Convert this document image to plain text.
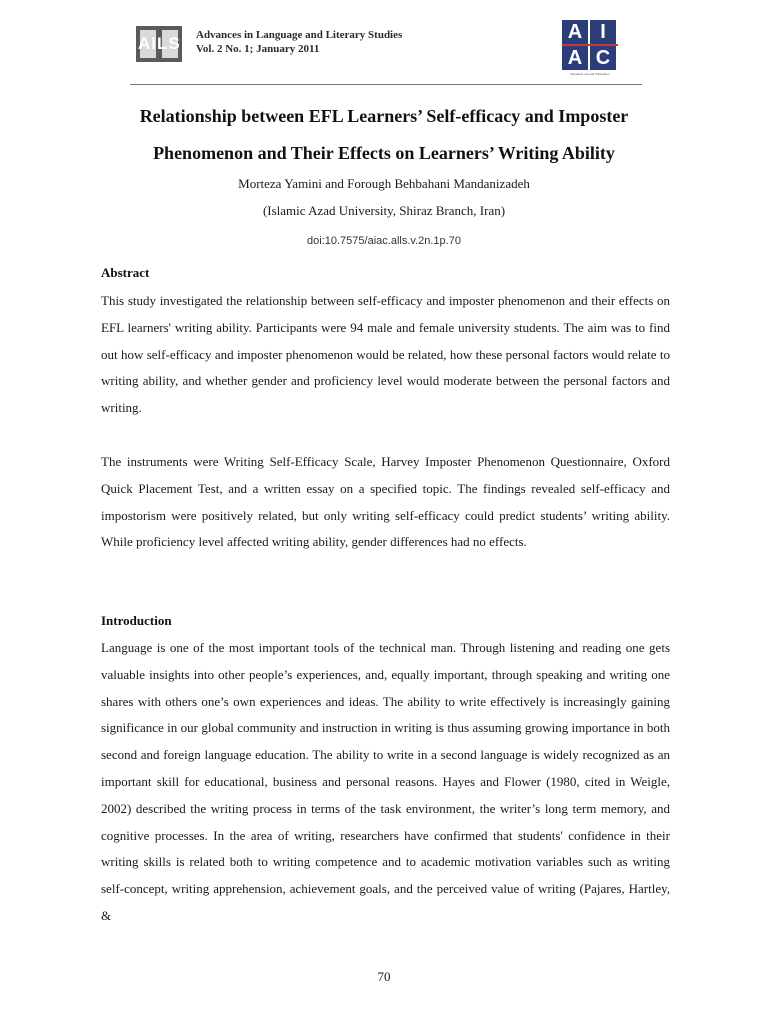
AlLS Advances in Language and Literary Studies
Vol. 2 No. 1; January 2011
A I
A C
Research Journal Publication
Relationship between EFL Learners’ Self-efficacy and Imposter
Phenomenon and Their Effects on Learners’ Writing Ability
Morteza Yamini and Forough Behbahani Mandanizadeh
(Islamic Azad University, Shiraz Branch, Iran)
doi:10.7575/aiac.alls.v.2n.1p.70
Abstract

This study investigated the relationship between self-efficacy and imposter phenomenon and their effects on EFL learners' writing ability. Participants were 94 male and female university students. The aim was to find out how self-efficacy and imposter phenomenon would be related, how these personal factors would relate to writing ability, and whether gender and proficiency level would moderate between the personal factors and writing.

The instruments were Writing Self-Efficacy Scale, Harvey Imposter Phenomenon Questionnaire, Oxford Quick Placement Test, and a written essay on a specified topic. The findings revealed self-efficacy and impostorism were positively related, but only writing self-efficacy could predict students’ writing ability. While proficiency level affected writing ability, gender differences had no effects.

Introduction

Language is one of the most important tools of the technical man. Through listening and reading one gets valuable insights into other people’s experiences, and, equally important, through speaking and writing one shares with others one’s own experiences and ideas. The ability to write effectively is increasingly gaining significance in our global community and instruction in writing is thus assuming growing importance in both second and foreign language education. The ability to write in a second language is widely recognized as an important skill for educational, business and personal reasons. Hayes and Flower (1980, cited in Weigle, 2002) described the writing process in terms of the task environment, the writer’s long term memory, and cognitive processes. In the area of writing, researchers have confirmed that students' confidence in their writing skills is related both to writing competence and to academic motivation variables such as writing self-concept, writing apprehension, achievement goals, and the perceived value of writing (Pajares, Hartley, &

70
